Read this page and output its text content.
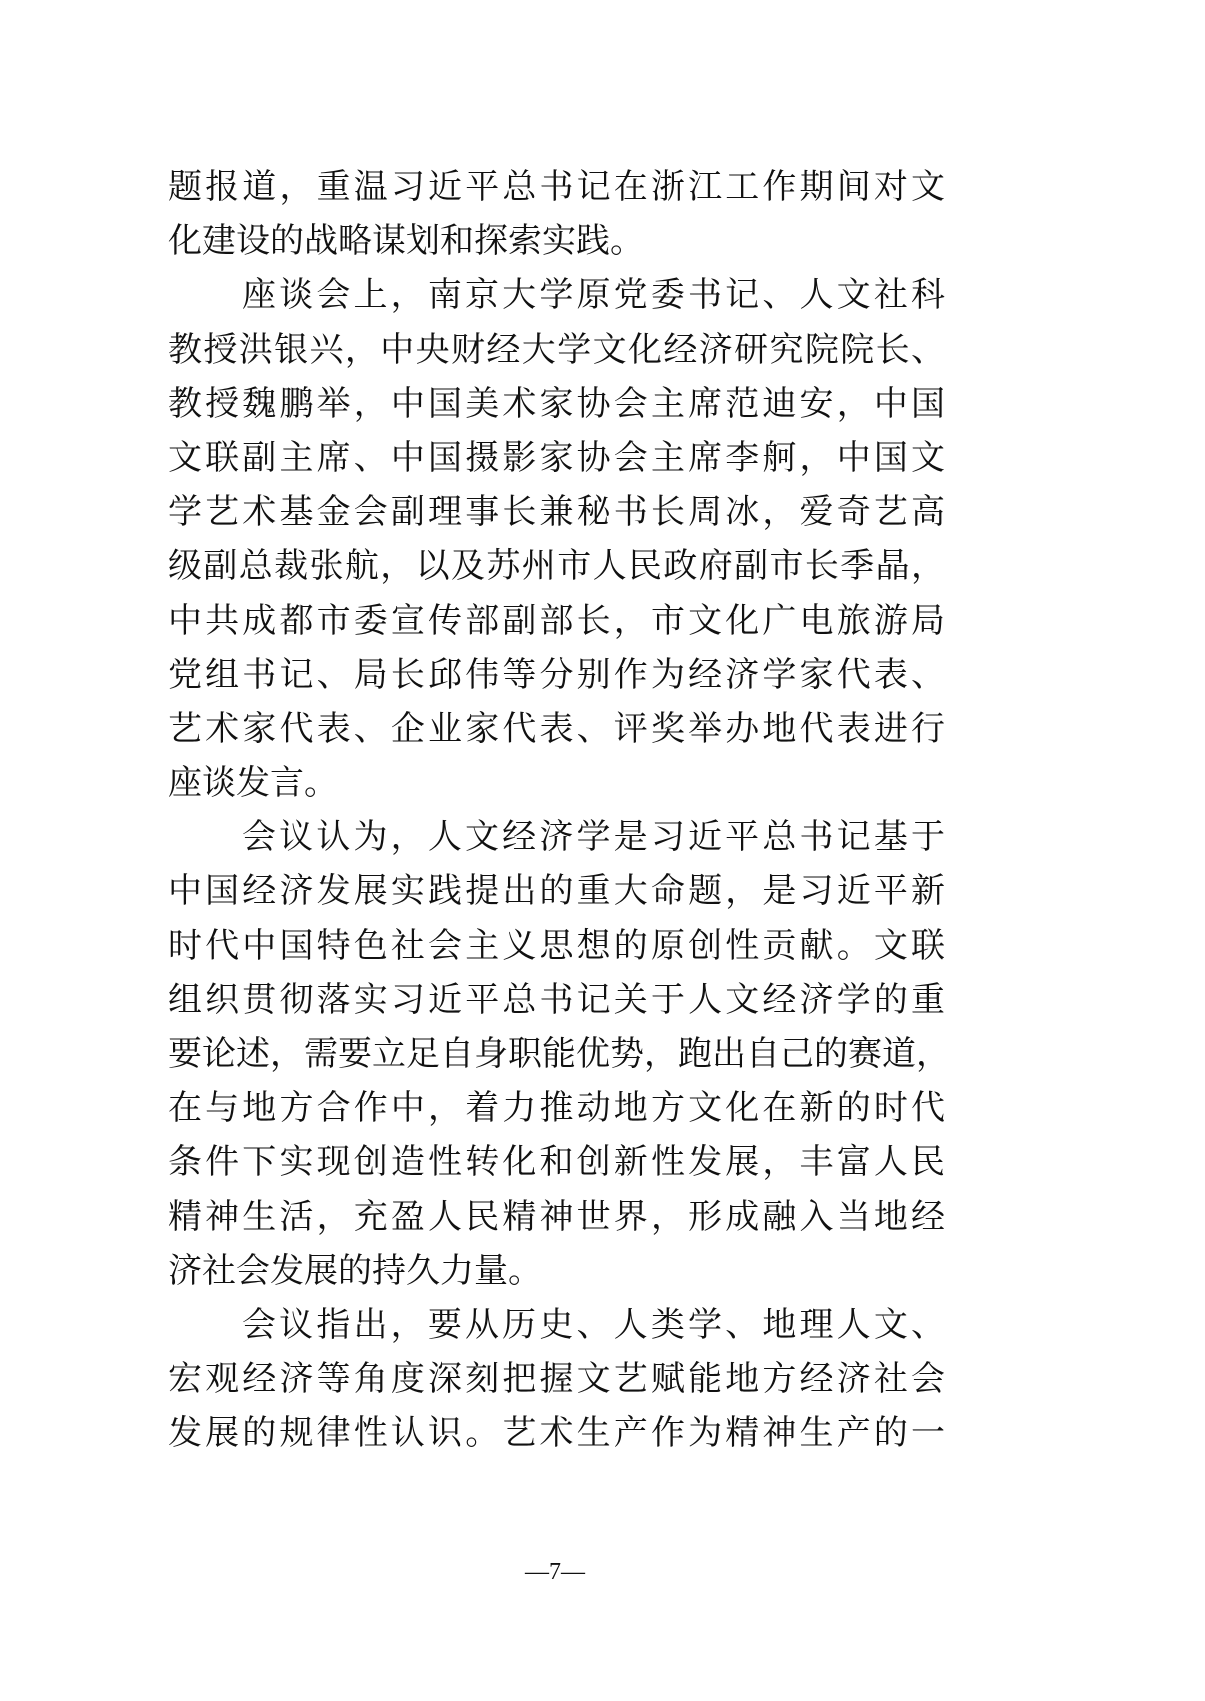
题报道，重温习近平总书记在浙江工作期间对文
化建设的战略谋划和探索实践。
座谈会上，南京大学原党委书记、人文社科
教授洪银兴，中央财经大学文化经济研究院院长、
教授魏鹏举，中国美术家协会主席范迪安，中国
文联副主席、中国摄影家协会主席李舸，中国文
学艺术基金会副理事长兼秘书长周冰，爱奇艺高
级副总裁张航，以及苏州市人民政府副市长季晶，
中共成都市委宣传部副部长，市文化广电旅游局
党组书记、局长邱伟等分别作为经济学家代表、
艺术家代表、企业家代表、评奖举办地代表进行
座谈发言。
会议认为，人文经济学是习近平总书记基于
中国经济发展实践提出的重大命题，是习近平新
时代中国特色社会主义思想的原创性贡献。文联
组织贯彻落实习近平总书记关于人文经济学的重
要论述，需要立足自身职能优势，跑出自己的赛道，
在与地方合作中，着力推动地方文化在新的时代
条件下实现创造性转化和创新性发展，丰富人民
精神生活，充盈人民精神世界，形成融入当地经
济社会发展的持久力量。
会议指出，要从历史、人类学、地理人文、
宏观经济等角度深刻把握文艺赋能地方经济社会
发展的规律性认识。艺术生产作为精神生产的一
—7—
